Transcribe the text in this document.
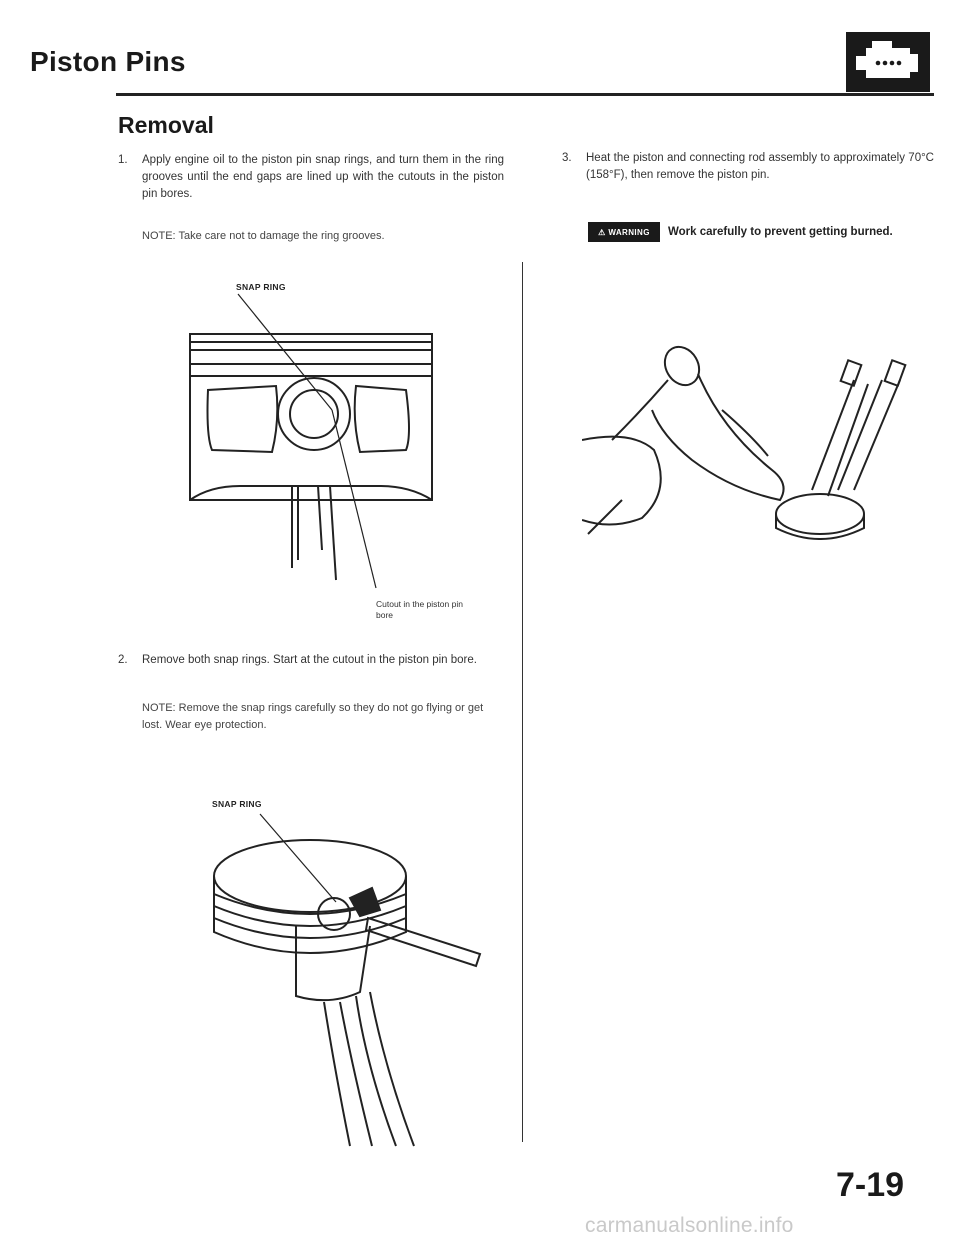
Piston Pins
Removal
1. Apply engine oil to the piston pin snap rings, and turn them in the ring grooves until the end gaps are lined up with the cutouts in the piston pin bores.
NOTE: Take care not to damage the ring grooves.
SNAP RING
Cutout in the piston pin bore
2. Remove both snap rings. Start at the cutout in the piston pin bore.
NOTE: Remove the snap rings carefully so they do not go flying or get lost. Wear eye protection.
SNAP RING
3. Heat the piston and connecting rod assembly to approximately 70°C (158°F), then remove the piston pin.
Work carefully to prevent getting burned.
⚠ WARNING
7-19
carmanualsonline.info
